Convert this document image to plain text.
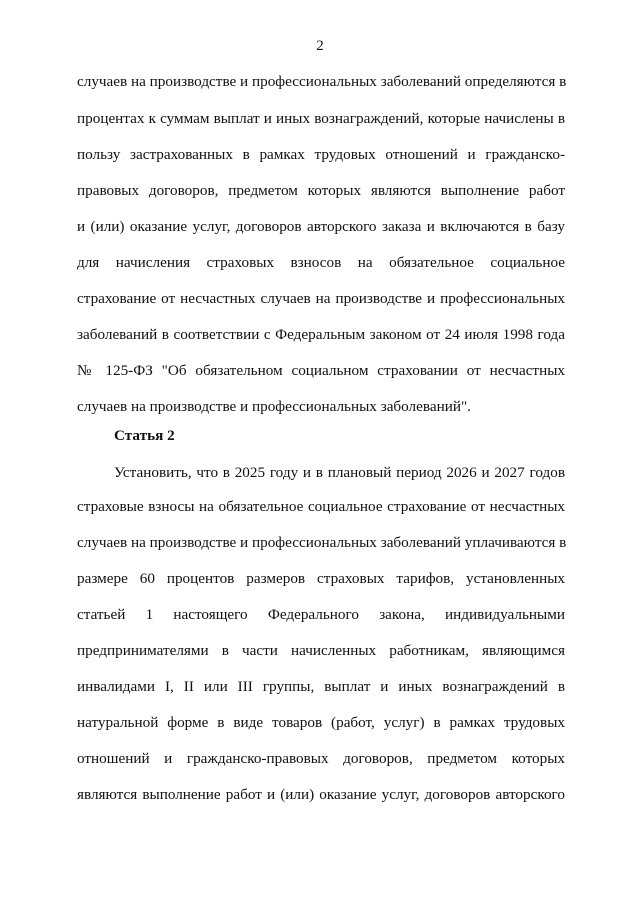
2
случаев на производстве и профессиональных заболеваний определяются в
процентах к суммам выплат и иных вознаграждений, которые начислены в
пользу застрахованных в рамках трудовых отношений и гражданско-
правовых договоров, предметом которых являются выполнение работ
и (или) оказание услуг, договоров авторского заказа и включаются в базу
для начисления страховых взносов на обязательное социальное
страхование от несчастных случаев на производстве и профессиональных
заболеваний в соответствии с Федеральным законом от 24 июля 1998 года
№ 125-ФЗ "Об обязательном социальном страховании от несчастных
случаев на производстве и профессиональных заболеваний".
Статья 2
Установить, что в 2025 году и в плановый период 2026 и 2027 годов
страховые взносы на обязательное социальное страхование от несчастных
случаев на производстве и профессиональных заболеваний уплачиваются в
размере 60 процентов размеров страховых тарифов, установленных
статьей 1 настоящего Федерального закона, индивидуальными
предпринимателями в части начисленных работникам, являющимся
инвалидами I, II или III группы, выплат и иных вознаграждений в
натуральной форме в виде товаров (работ, услуг) в рамках трудовых
отношений и гражданско-правовых договоров, предметом которых
являются выполнение работ и (или) оказание услуг, договоров авторского
